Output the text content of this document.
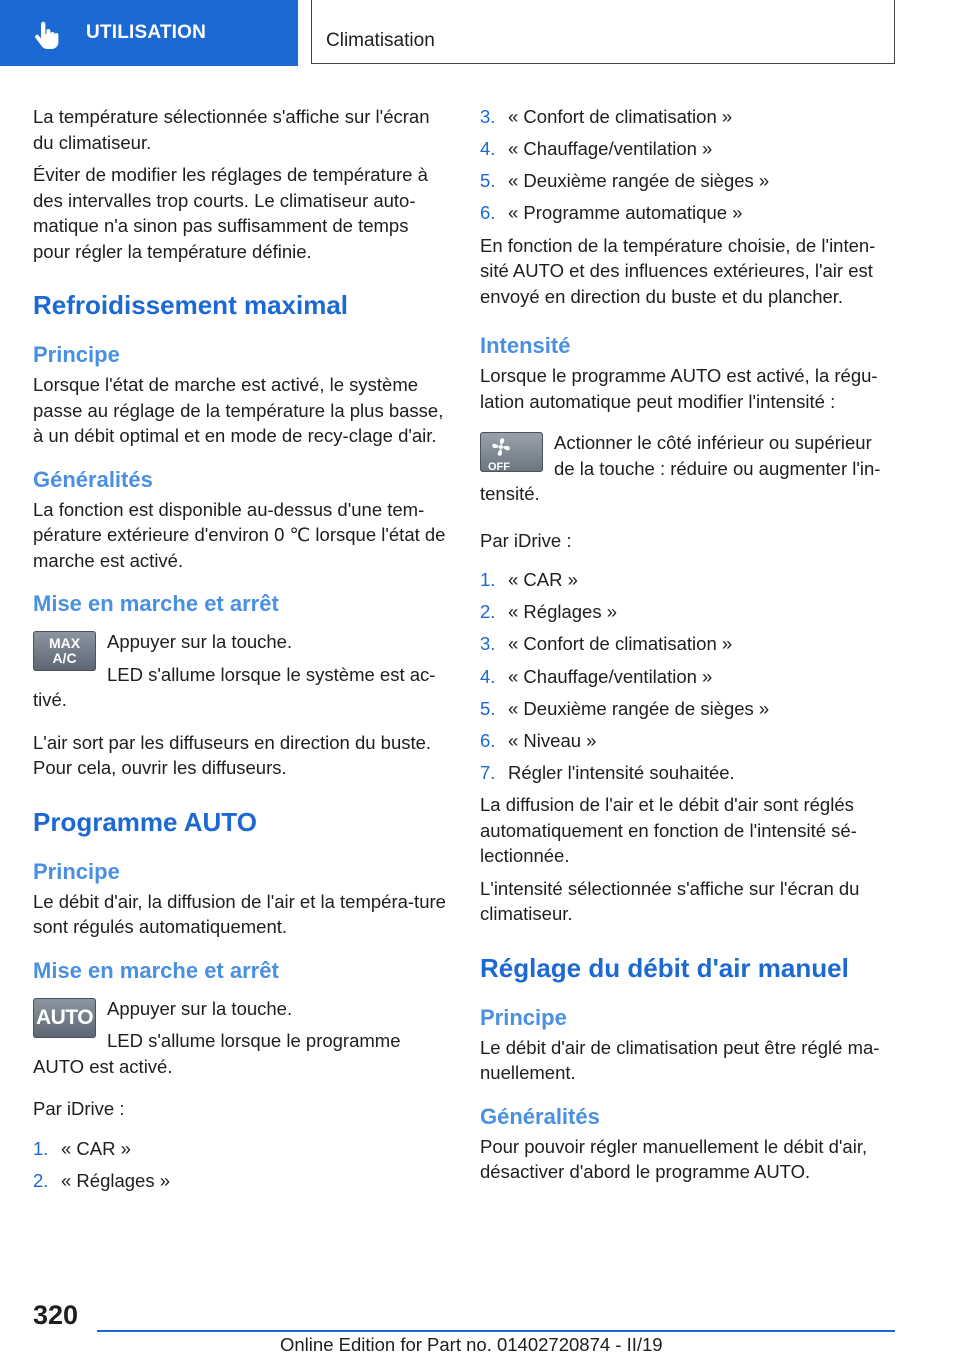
UTILISATION	Climatisation

La température sélectionnée s'affiche sur l'écran du climatiseur.

Éviter de modifier les réglages de température à des intervalles trop courts. Le climatiseur auto-matique n'a sinon pas suffisamment de temps pour régler la température définie.

Refroidissement maximal
Principe

Lorsque l'état de marche est activé, le système passe au réglage de la température la plus basse, à un débit optimal et en mode de recy-clage d'air.

Généralités

La fonction est disponible au-dessus d'une tem-pérature extérieure d'environ 0 ℃ lorsque l'état de marche est activé.

Mise en marche et arrêt
MAX
A/C

Appuyer sur la touche.

LED s'allume lorsque le système est ac-tivé.

L'air sort par les diffuseurs en direction du buste. Pour cela, ouvrir les diffuseurs.

Programme AUTO
Principe

Le débit d'air, la diffusion de l'air et la tempéra-ture sont régulés automatiquement.

Mise en marche et arrêt
AUTO Appuyer sur la touche.

LED s'allume lorsque le programme AUTO est activé.

Par iDrive :

1. « CAR »
2. « Réglages »
3. « Confort de climatisation »
4. « Chauffage/ventilation »
5. « Deuxième rangée de sièges »
6. « Programme automatique »

En fonction de la température choisie, de l'inten-sité AUTO et des influences extérieures, l'air est envoyé en direction du buste et du plancher.

Intensité

Lorsque le programme AUTO est activé, la régu-lation automatique peut modifier l'intensité :

OFF

Actionner le côté inférieur ou supérieur de la touche : réduire ou augmenter l'in-tensité.

Par iDrive :

1. « CAR »
2. « Réglages »
3. « Confort de climatisation »
4. « Chauffage/ventilation »
5. « Deuxième rangée de sièges »
6. « Niveau »
7. Régler l'intensité souhaitée.

La diffusion de l'air et le débit d'air sont réglés automatiquement en fonction de l'intensité sé-lectionnée.

L'intensité sélectionnée s'affiche sur l'écran du climatiseur.

Réglage du débit d'air manuel
Principe

Le débit d'air de climatisation peut être réglé ma-nuellement.

Généralités

Pour pouvoir régler manuellement le débit d'air, désactiver d'abord le programme AUTO.

320
Online Edition for Part no. 01402720874 - II/19
